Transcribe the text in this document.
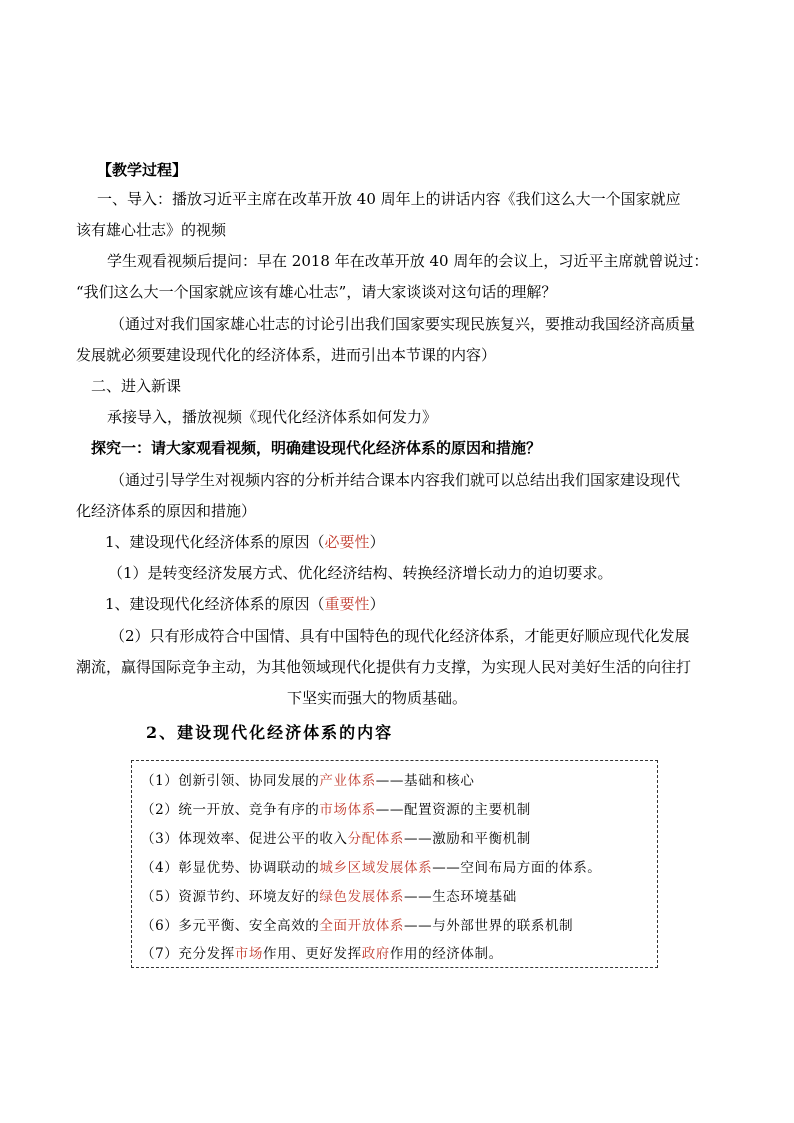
【教学过程】
一、导入：播放习近平主席在改革开放 40 周年上的讲话内容《我们这么大一个国家就应
该有雄心壮志》的视频
学生观看视频后提问：早在 2018 年在改革开放 40 周年的会议上，习近平主席就曾说过：
“我们这么大一个国家就应该有雄心壮志”，请大家谈谈对这句话的理解？
（通过对我们国家雄心壮志的讨论引出我们国家要实现民族复兴，要推动我国经济高质量
发展就必须要建设现代化的经济体系，进而引出本节课的内容）
二、进入新课
承接导入，播放视频《现代化经济体系如何发力》
探究一：请大家观看视频，明确建设现代化经济体系的原因和措施？
（通过引导学生对视频内容的分析并结合课本内容我们就可以总结出我们国家建设现代
化经济体系的原因和措施）
1、建设现代化经济体系的原因（必要性）
（1）是转变经济发展方式、优化经济结构、转换经济增长动力的迫切要求。
1、建设现代化经济体系的原因（重要性）
（2）只有形成符合中国情、具有中国特色的现代化经济体系，才能更好顺应现代化发展
潮流，赢得国际竞争主动，为其他领域现代化提供有力支撑，为实现人民对美好生活的向往打
下坚实而强大的物质基础。
2、建设现代化经济体系的内容
（1）创新引领、协同发展的产业体系——基础和核心
（2）统一开放、竞争有序的市场体系——配置资源的主要机制
（3）体现效率、促进公平的收入分配体系——激励和平衡机制
（4）彰显优势、协调联动的城乡区域发展体系——空间布局方面的体系。
（5）资源节约、环境友好的绿色发展体系——生态环境基础
（6）多元平衡、安全高效的全面开放体系——与外部世界的联系机制
（7）充分发挥市场作用、更好发挥政府作用的经济体制。
